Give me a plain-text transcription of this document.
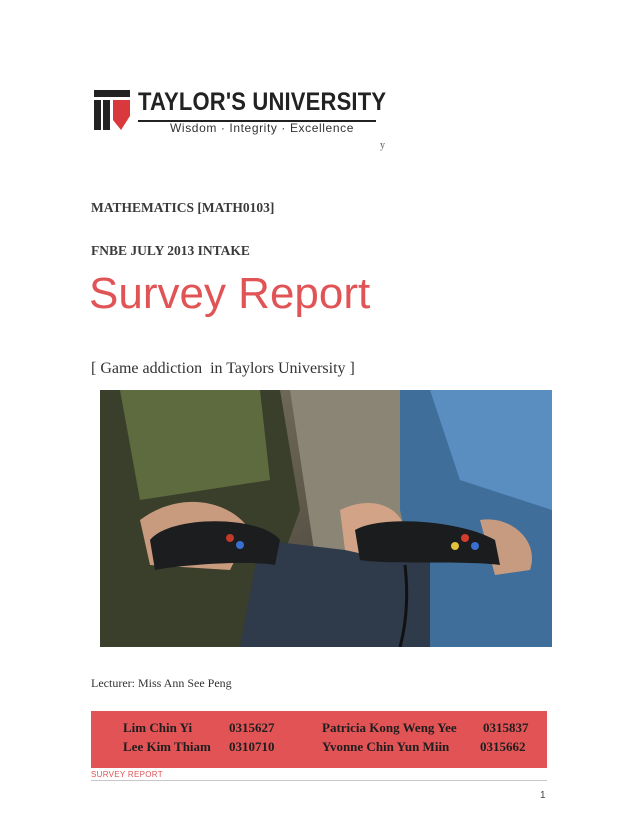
TAYLOR'S UNIVERSITY
Wisdom · Integrity · Excellence
y
MATHEMATICS [MATH0103]
FNBE JULY 2013 INTAKE
Survey Report
[ Game addiction  in Taylors University ]
Lecturer: Miss Ann See Peng
Lim Chin Yi	0315627
Lee Kim Thiam 0310710
Patricia Kong Weng Yee 0315837
Yvonne Chin Yun Miin 0315662
SURVEY REPORT
1
